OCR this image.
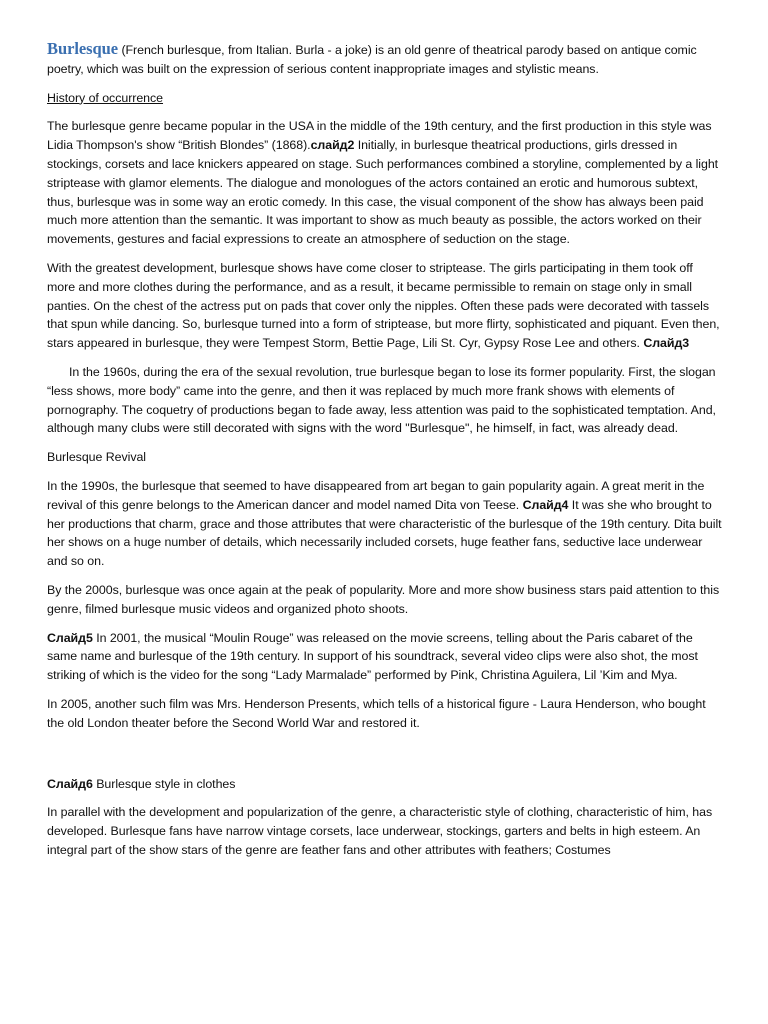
Burlesque (French burlesque, from Italian. Burla - a joke) is an old genre of theatrical parody based on antique comic poetry, which was built on the expression of serious content inappropriate images and stylistic means.

History of occurrence

The burlesque genre became popular in the USA in the middle of the 19th century, and the first production in this style was Lidia Thompson's show “British Blondes” (1868).слайд2 Initially, in burlesque theatrical productions, girls dressed in stockings, corsets and lace knickers appeared on stage. Such performances combined a storyline, complemented by a light striptease with glamor elements. The dialogue and monologues of the actors contained an erotic and humorous subtext, thus, burlesque was in some way an erotic comedy. In this case, the visual component of the show has always been paid much more attention than the semantic. It was important to show as much beauty as possible, the actors worked on their movements, gestures and facial expressions to create an atmosphere of seduction on the stage.

With the greatest development, burlesque shows have come closer to striptease. The girls participating in them took off more and more clothes during the performance, and as a result, it became permissible to remain on stage only in small panties. On the chest of the actress put on pads that cover only the nipples. Often these pads were decorated with tassels that spun while dancing. So, burlesque turned into a form of striptease, but more flirty, sophisticated and piquant. Even then, stars appeared in burlesque, they were Tempest Storm, Bettie Page, Lili St. Cyr, Gypsy Rose Lee and others. Слайд3

In the 1960s, during the era of the sexual revolution, true burlesque began to lose its former popularity. First, the slogan “less shows, more body” came into the genre, and then it was replaced by much more frank shows with elements of pornography. The coquetry of productions began to fade away, less attention was paid to the sophisticated temptation. And, although many clubs were still decorated with signs with the word "Burlesque", he himself, in fact, was already dead.

Burlesque Revival

In the 1990s, the burlesque that seemed to have disappeared from art began to gain popularity again. A great merit in the revival of this genre belongs to the American dancer and model named Dita von Teese. Слайд4 It was she who brought to her productions that charm, grace and those attributes that were characteristic of the burlesque of the 19th century. Dita built her shows on a huge number of details, which necessarily included corsets, huge feather fans, seductive lace underwear and so on.

By the 2000s, burlesque was once again at the peak of popularity. More and more show business stars paid attention to this genre, filmed burlesque music videos and organized photo shoots.

Слайд5 In 2001, the musical “Moulin Rouge” was released on the movie screens, telling about the Paris cabaret of the same name and burlesque of the 19th century. In support of his soundtrack, several video clips were also shot, the most striking of which is the video for the song “Lady Marmalade” performed by Pink, Christina Aguilera, Lil ’Kim and Mya.

In 2005, another such film was Mrs. Henderson Presents, which tells of a historical figure - Laura Henderson, who bought the old London theater before the Second World War and restored it.

Слайд6 Burlesque style in clothes

In parallel with the development and popularization of the genre, a characteristic style of clothing, characteristic of him, has developed. Burlesque fans have narrow vintage corsets, lace underwear, stockings, garters and belts in high esteem. An integral part of the show stars of the genre are feather fans and other attributes with feathers; Costumes
